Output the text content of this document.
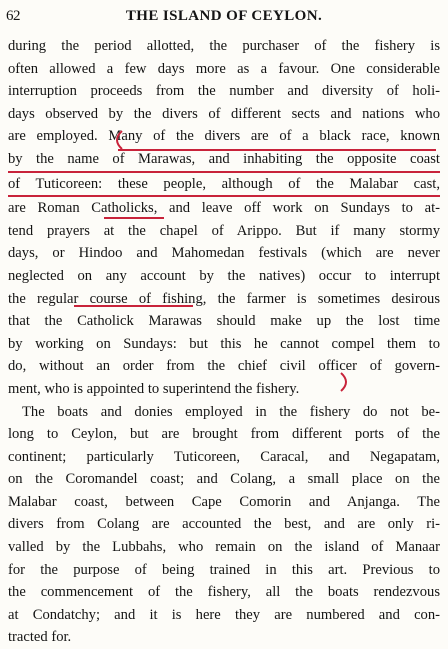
62	THE ISLAND OF CEYLON.
during the period allotted, the purchaser of the fishery is
often allowed a few days more as a favour. One considerable
interruption proceeds from the number and diversity of holi-
days observed by the divers of different sects and nations who
are employed. Many of the divers are of a black race, known
by the name of Marawas, and inhabiting the opposite coast
of Tuticoreen: these people, although of the Malabar cast,
are Roman Catholicks, and leave off work on Sundays to at-
tend prayers at the chapel of Arippo. But if many stormy
days, or Hindoo and Mahomedan festivals (which are never
neglected on any account by the natives) occur to interrupt
the regular course of fishing, the farmer is sometimes desirous
that the Catholick Marawas should make up the lost time
by working on Sundays: but this he cannot compel them to
do, without an order from the chief civil officer of govern-
ment, who is appointed to superintend the fishery.
The boats and donies employed in the fishery do not be-
long to Ceylon, but are brought from different ports of the
continent; particularly Tuticoreen, Caracal, and Negapatam,
on the Coromandel coast; and Colang, a small place on the
Malabar coast, between Cape Comorin and Anjanga. The
divers from Colang are accounted the best, and are only ri-
valled by the Lubbahs, who remain on the island of Manaar
for the purpose of being trained in this art. Previous to
the commencement of the fishery, all the boats rendezvous
at Condatchy; and it is here they are numbered and con-
tracted for.
